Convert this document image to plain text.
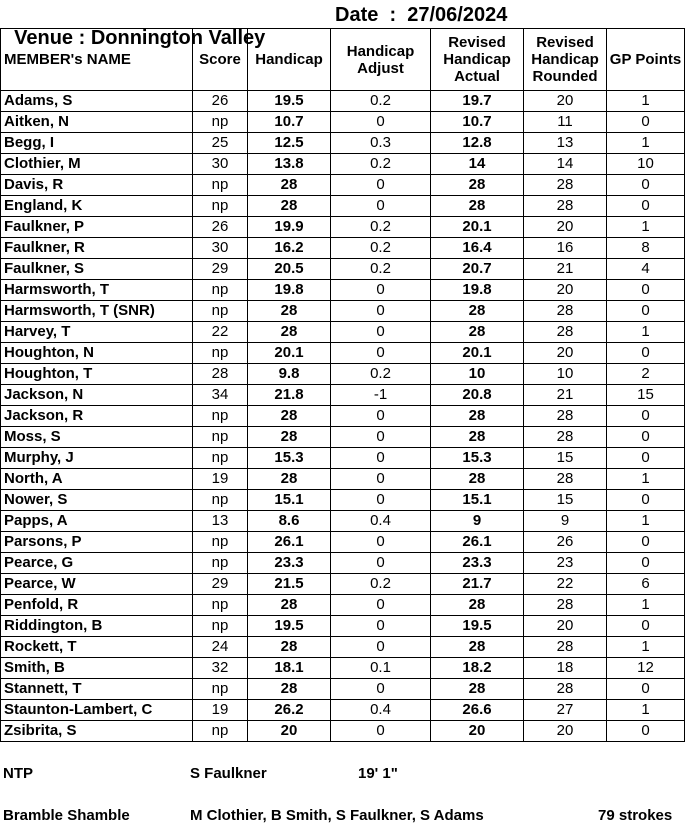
Venue : Donnington Valley

Date  :  27/06/2024

MEMBER's NAME	Score	Handicap	Handicap Adjust	Revised Handicap Actual	Revised Handicap Rounded	GP Points
Adams, S	26	19.5	0.2	19.7	20	1
Aitken, N	np	10.7	0	10.7	11	0
Begg, I	25	12.5	0.3	12.8	13	1
Clothier, M	30	13.8	0.2	14	14	10
Davis, R	np	28	0	28	28	0
England, K	np	28	0	28	28	0
Faulkner, P	26	19.9	0.2	20.1	20	1
Faulkner, R	30	16.2	0.2	16.4	16	8
Faulkner, S	29	20.5	0.2	20.7	21	4
Harmsworth, T	np	19.8	0	19.8	20	0
Harmsworth, T (SNR)	np	28	0	28	28	0
Harvey, T	22	28	0	28	28	1
Houghton, N	np	20.1	0	20.1	20	0
Houghton, T	28	9.8	0.2	10	10	2
Jackson, N	34	21.8	-1	20.8	21	15
Jackson, R	np	28	0	28	28	0
Moss, S	np	28	0	28	28	0
Murphy, J	np	15.3	0	15.3	15	0
North, A	19	28	0	28	28	1
Nower, S	np	15.1	0	15.1	15	0
Papps, A	13	8.6	0.4	9	9	1
Parsons, P	np	26.1	0	26.1	26	0
Pearce, G	np	23.3	0	23.3	23	0
Pearce, W	29	21.5	0.2	21.7	22	6
Penfold, R	np	28	0	28	28	1
Riddington, B	np	19.5	0	19.5	20	0
Rockett, T	24	28	0	28	28	1
Smith, B	32	18.1	0.1	18.2	18	12
Stannett, T	np	28	0	28	28	0
Staunton-Lambert, C	19	26.2	0.4	26.6	27	1
Zsibrita, S	np	20	0	20	20	0
NTP	S Faulkner	19' 1"
Bramble Shamble	M Clothier, B Smith, S Faulkner, S Adams	79 strokes
